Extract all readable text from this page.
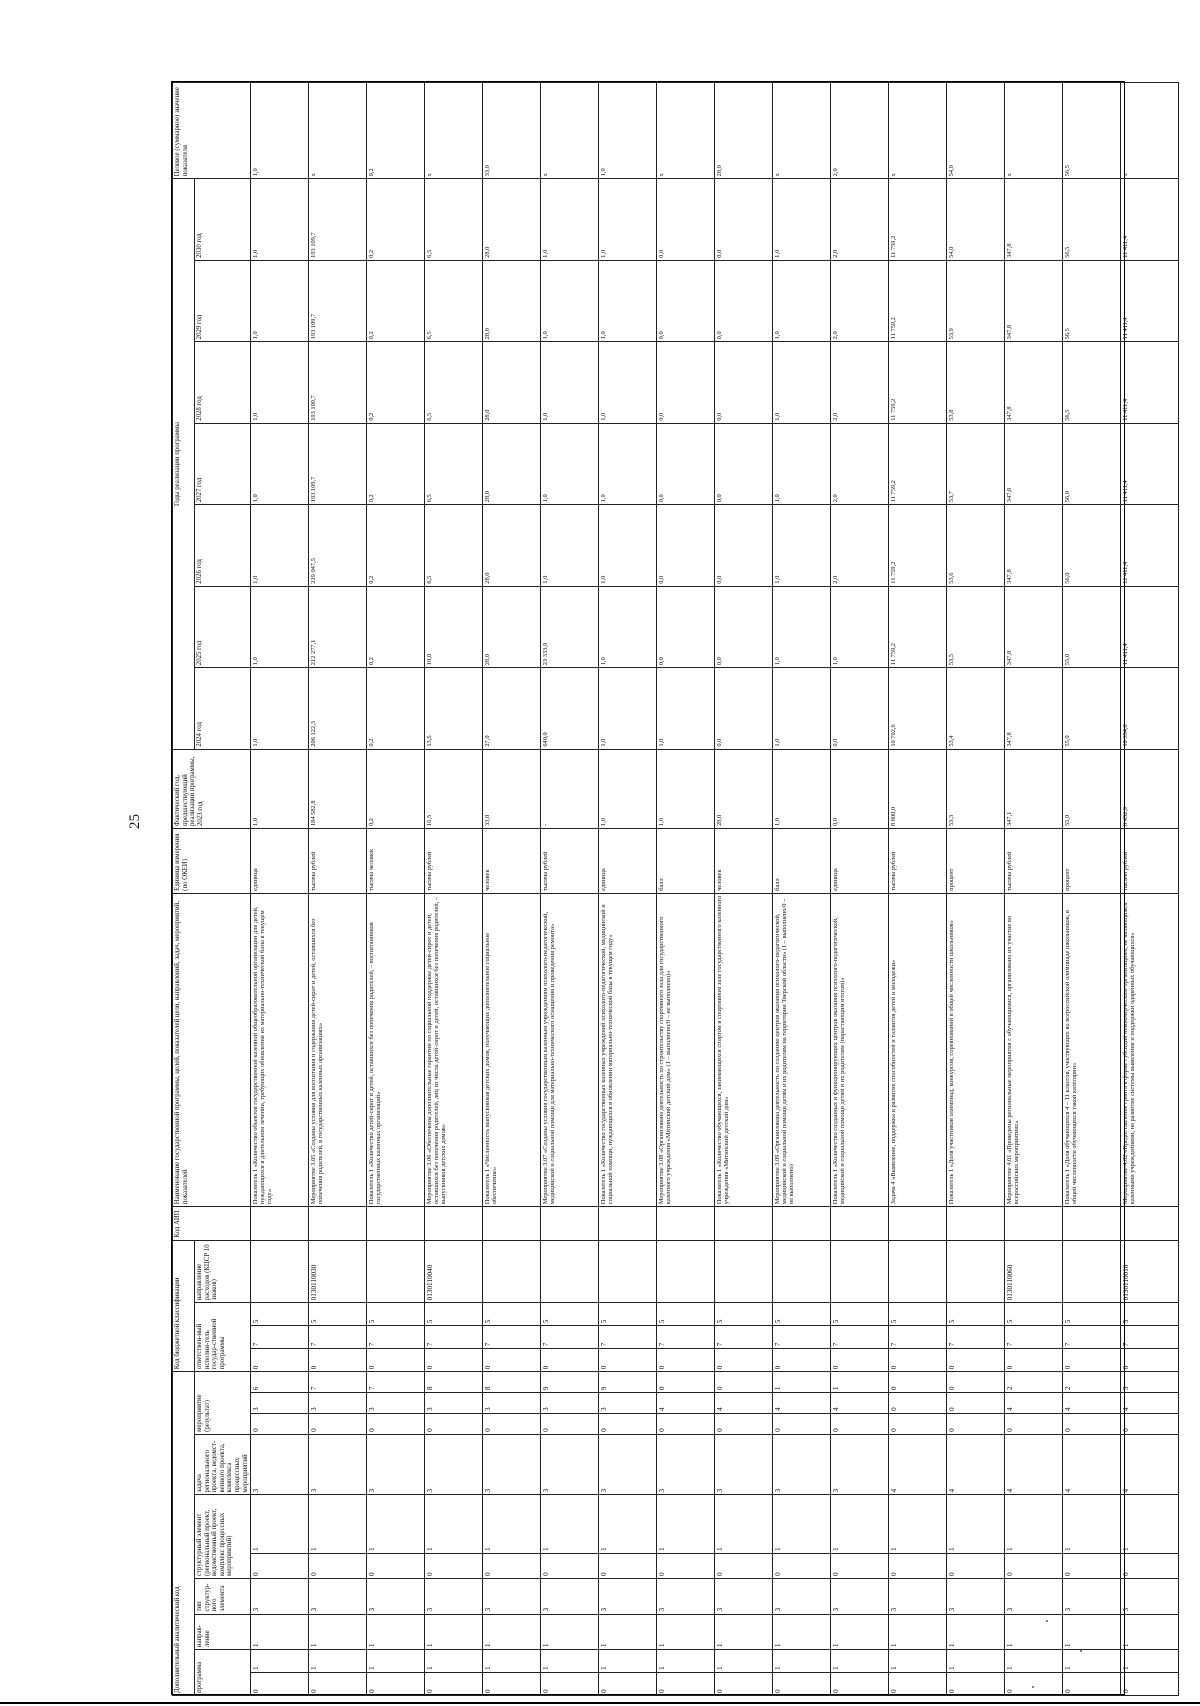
25
Дополнительный аналитический код										Код бюджетной классификации				Код АИП	Наименование государственной программы, целей, показателей цели, направлений, задач, мероприятий, показателей	Единица измерения (по ОКЕИ)	Фактический год, предшествующий реализации программы, 2023 год	Годы реализации программы							Целевое (суммарное) значение показателя
программа		направ-ление	тип структур-ного элемента	структурный элемент (региональный проект, ведомственный проект, комплекс процессных мероприятий)		задача регионального проекта, ведомст-венного проекта, комплекса процессных мероприятий	мероприятие (результат)			ответствен-ный исполни-тель государ-ственной программы			направление расходов (КЦСР 10 знаков)					2024 год	2025 год	2026 год	2027 год	2028 год	2029 год	2030 год	
0	1	1	3	0	1	3	0	3	6	0	7	5			Показатель 1 «Количество объектов государственной казенной общеобразовательной организации для детей, нуждающихся в длительном лечении, требующих обновления их материально-технической базы в текущем году»	единица	1,0	1,0	1,0	1,0	1,0	1,0	1,0	1,0	1,0
0	1	1	3	0	1	3	0	3	7	0	7	5	0130110030		Мероприятие 3.05 «Созданы условия для воспитания и содержания детей-сирот и детей, оставшихся без попечения родителей, в государственных казенных организациях»	тысяча рублей	184 582,8	206 122,3	212 277,1	219 047,5	193 109,7	193 109,7	193 109,7	193 109,7	x
0	1	1	3	0	1	3	0	3	7	0	7	5			Показатель 1 «Количество детей-сирот и детей, оставшихся без попечения родителей, – воспитанников государственных казенных организаций»	тысяча человек	0,2	0,2	0,2	0,2	0,2	0,2	0,2	0,2	0,2
0	1	1	3	0	1	3	0	3	8	0	7	5	0130110040		Мероприятие 3.06 «Обеспечены дополнительные гарантии по социальной поддержке детей-сирот и детей, оставшихся без попечения родителей, лиц из числа детей-сирот и детей, оставшихся без попечения родителей, – выпускников детских домов»	тысяча рублей	16,5	13,5	10,0	6,5	6,5	6,5	6,5	6,5	x
0	1	1	3	0	1	3	0	3	8	0	7	5			Показатель 1 «Численность выпускников детских домов, получающих дополнительное социальное обеспечение»	человек	33,0	27,0	28,0	28,0	28,0	28,0	28,0	28,0	33,0
0	1	1	3	0	1	3	0	3	9	0	7	5			Мероприятие 3.07 «Созданы условия государственным казенным учреждениям психолого-педагогической, медицинской и социальной помощи для материально-технического оснащения и проведения ремонта»	тысяча рублей	-	640,0	23 333,9	1,0	1,0	1,0	1,0	1,0	x
0	1	1	3	0	1	3	0	3	9	0	7	5			Показатель 1 «Количество государственных казенных учреждений психолого-педагогической, медицинской и социальной помощи, нуждающихся в обновлении материально-технической базы в текущем году»	единица	1,0	1,0	1,0	1,0	1,0	1,0	1,0	1,0	1,0
0	1	1	3	0	1	3	0	4	0	0	7	5			Мероприятие 3.08 «Организована деятельность по строительству спортивного зала для государственного казенного учреждения «Митинский детский дом» (1 – выполнено/0 – не выполнено)»	балл	1,0	1,0	0,0	0,0	0,0	0,0	0,0	0,0	x
0	1	1	3	0	1	3	0	4	0	0	7	5			Показатель 1 «Количество обучающихся, занимающихся спортом в спортивном зале государственного казенного учреждения «Митинский детский дом»	человек	28,0	0,0	0,0	0,0	0,0	0,0	0,0	0,0	28,0
0	1	1	3	0	1	3	0	4	1	0	7	5			Мероприятие 3.09 «Организована деятельность по созданию центров оказания психолого-педагогической, медицинской и социальной помощи детям и их родителям на территории Тверской области» (1 – выполнено/0 – не выполнено)	балл	1,0	1,0	1,0	1,0	1,0	1,0	1,0	1,0	x
0	1	1	3	0	1	3	0	4	1	0	7	5			Показатель 1 «Количество созданных и функционирующих центров оказания психолого-педагогической, медицинской и социальной помощи детям и их родителям (нарастающим итогом)»	единица	0,0	0,0	1,0	2,0	2,0	2,0	2,0	2,0	2,0
0	1	1	3	0	1	4	0	0	0	0	7	5			Задача 4 «Выявление, поддержка и развитие способностей и талантов детей и молодежи»	тысяча рублей	8 800,0	10 702,6	11 759,2	11 759,2	11 759,2	11 759,2	11 759,2	11 759,2	x
0	1	1	3	0	1	4	0	0	0	0	7	5			Показатель 1 «Доля участников олимпиад, конкурсов, соревнований в общей численности школьников»	процент	53,3	53,4	53,5	53,6	53,7	53,8	53,9	54,0	54,0
0	1	1	3	0	1	4	0	4	2	0	7	5	0130110060		Мероприятие 4.01 «Проведены региональные мероприятия с обучающимися, организовано их участие во всероссийских мероприятиях»	тысяча рублей	347,1	347,8	347,8	347,8	347,8	347,8	347,8	347,8	x
0	1	1	3	0	1	4	0	4	2	0	7	5			Показатель 1 «Доля обучающихся 4 – 11 классов, участвующих во всероссийской олимпиаде школьников, в общей численности обучающихся такой категории»	процент	55,0	55,0	55,0	56,0	56,0	56,5	56,5	56,5	56,5
0	1	1	3	0	1	4	0	4	3	0	7	5	0130110010		Мероприятие 4.02 «Предоставление гранта в форме субсидий некоммерческим организациям, не являющимся казенными учреждениями, на развитие системы выявления и поддержки одаренных обучающихся»	тысяча рублей	8 452,9	10 354,8	11 411,4	11 411,4	11 411,4	11 411,4	11 411,4	11 411,4	x
